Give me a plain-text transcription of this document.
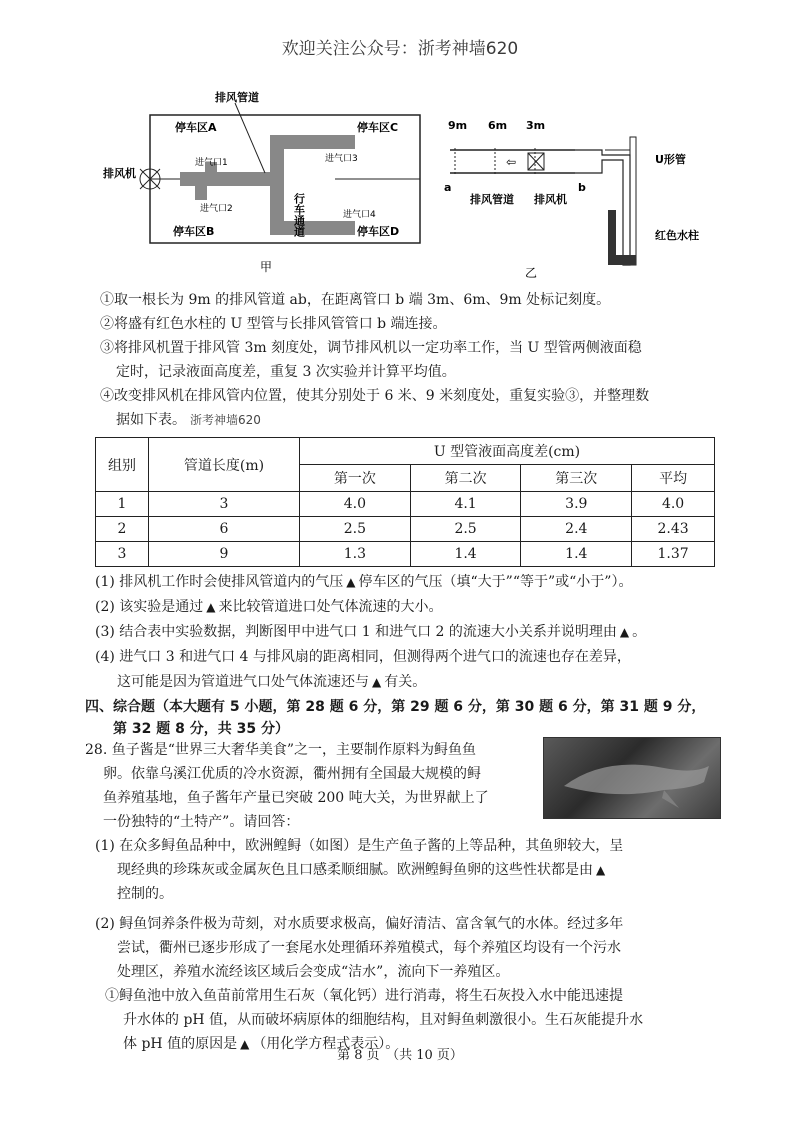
欢迎关注公众号：浙考神墙620
排风管道
停车区A
停车区B
停车区C
停车区D
排风机
进气口1
进气口2
进气口3
进气口4
行车通道
甲
9m 6m 3m
⇦
a	b
排风管道 排风机
U形管
红色水柱
乙
①取一根长为 9m 的排风管道 ab，在距离管口 b 端 3m、6m、9m 处标记刻度。
②将盛有红色水柱的 U 型管与长排风管管口 b 端连接。
③将排风机置于排风管 3m 刻度处，调节排风机以一定功率工作，当 U 型管两侧液面稳
定时，记录液面高度差，重复 3 次实验并计算平均值。
④改变排风机在排风管内位置，使其分别处于 6 米、9 米刻度处，重复实验③，并整理数
据如下表。 浙考神墙620
组别	管道长度(m)	U 型管液面高度差(cm)			
		第一次	第二次	第三次	平均
1	3	4.0	4.1	3.9	4.0
2	6	2.5	2.5	2.4	2.43
3	9	1.3	1.4	1.4	1.37
(1) 排风机工作时会使排风管道内的气压 ▲ 停车区的气压（填“大于”“等于”或“小于”）。
(2) 该实验是通过 ▲ 来比较管道进口处气体流速的大小。
(3) 结合表中实验数据，判断图甲中进气口 1 和进气口 2 的流速大小关系并说明理由 ▲ 。
(4) 进气口 3 和进气口 4 与排风扇的距离相同，但测得两个进气口的流速也存在差异，
这可能是因为管道进气口处气体流速还与 ▲ 有关。
四、综合题（本大题有 5 小题，第 28 题 6 分，第 29 题 6 分，第 30 题 6 分，第 31 题 9 分，
第 32 题 8 分，共 35 分）
28. 鱼子酱是“世界三大奢华美食”之一，主要制作原料为鲟鱼鱼
卵。依靠乌溪江优质的冷水资源，衢州拥有全国最大规模的鲟
鱼养殖基地，鱼子酱年产量已突破 200 吨大关，为世界献上了
一份独特的“土特产”。请回答：
(1) 在众多鲟鱼品种中，欧洲鳇鲟（如图）是生产鱼子酱的上等品种，其鱼卵较大，呈
现经典的珍珠灰或金属灰色且口感柔顺细腻。欧洲鳇鲟鱼卵的这些性状都是由 ▲
控制的。
(2) 鲟鱼饲养条件极为苛刻，对水质要求极高，偏好清洁、富含氧气的水体。经过多年
尝试，衢州已逐步形成了一套尾水处理循环养殖模式，每个养殖区均设有一个污水
处理区，养殖水流经该区域后会变成“洁水”，流向下一养殖区。
①鲟鱼池中放入鱼苗前常用生石灰（氧化钙）进行消毒，将生石灰投入水中能迅速提
升水体的 pH 值，从而破坏病原体的细胞结构，且对鲟鱼刺激很小。生石灰能提升水
体 pH 值的原因是 ▲ （用化学方程式表示）。
第 8 页　（共 10 页）
